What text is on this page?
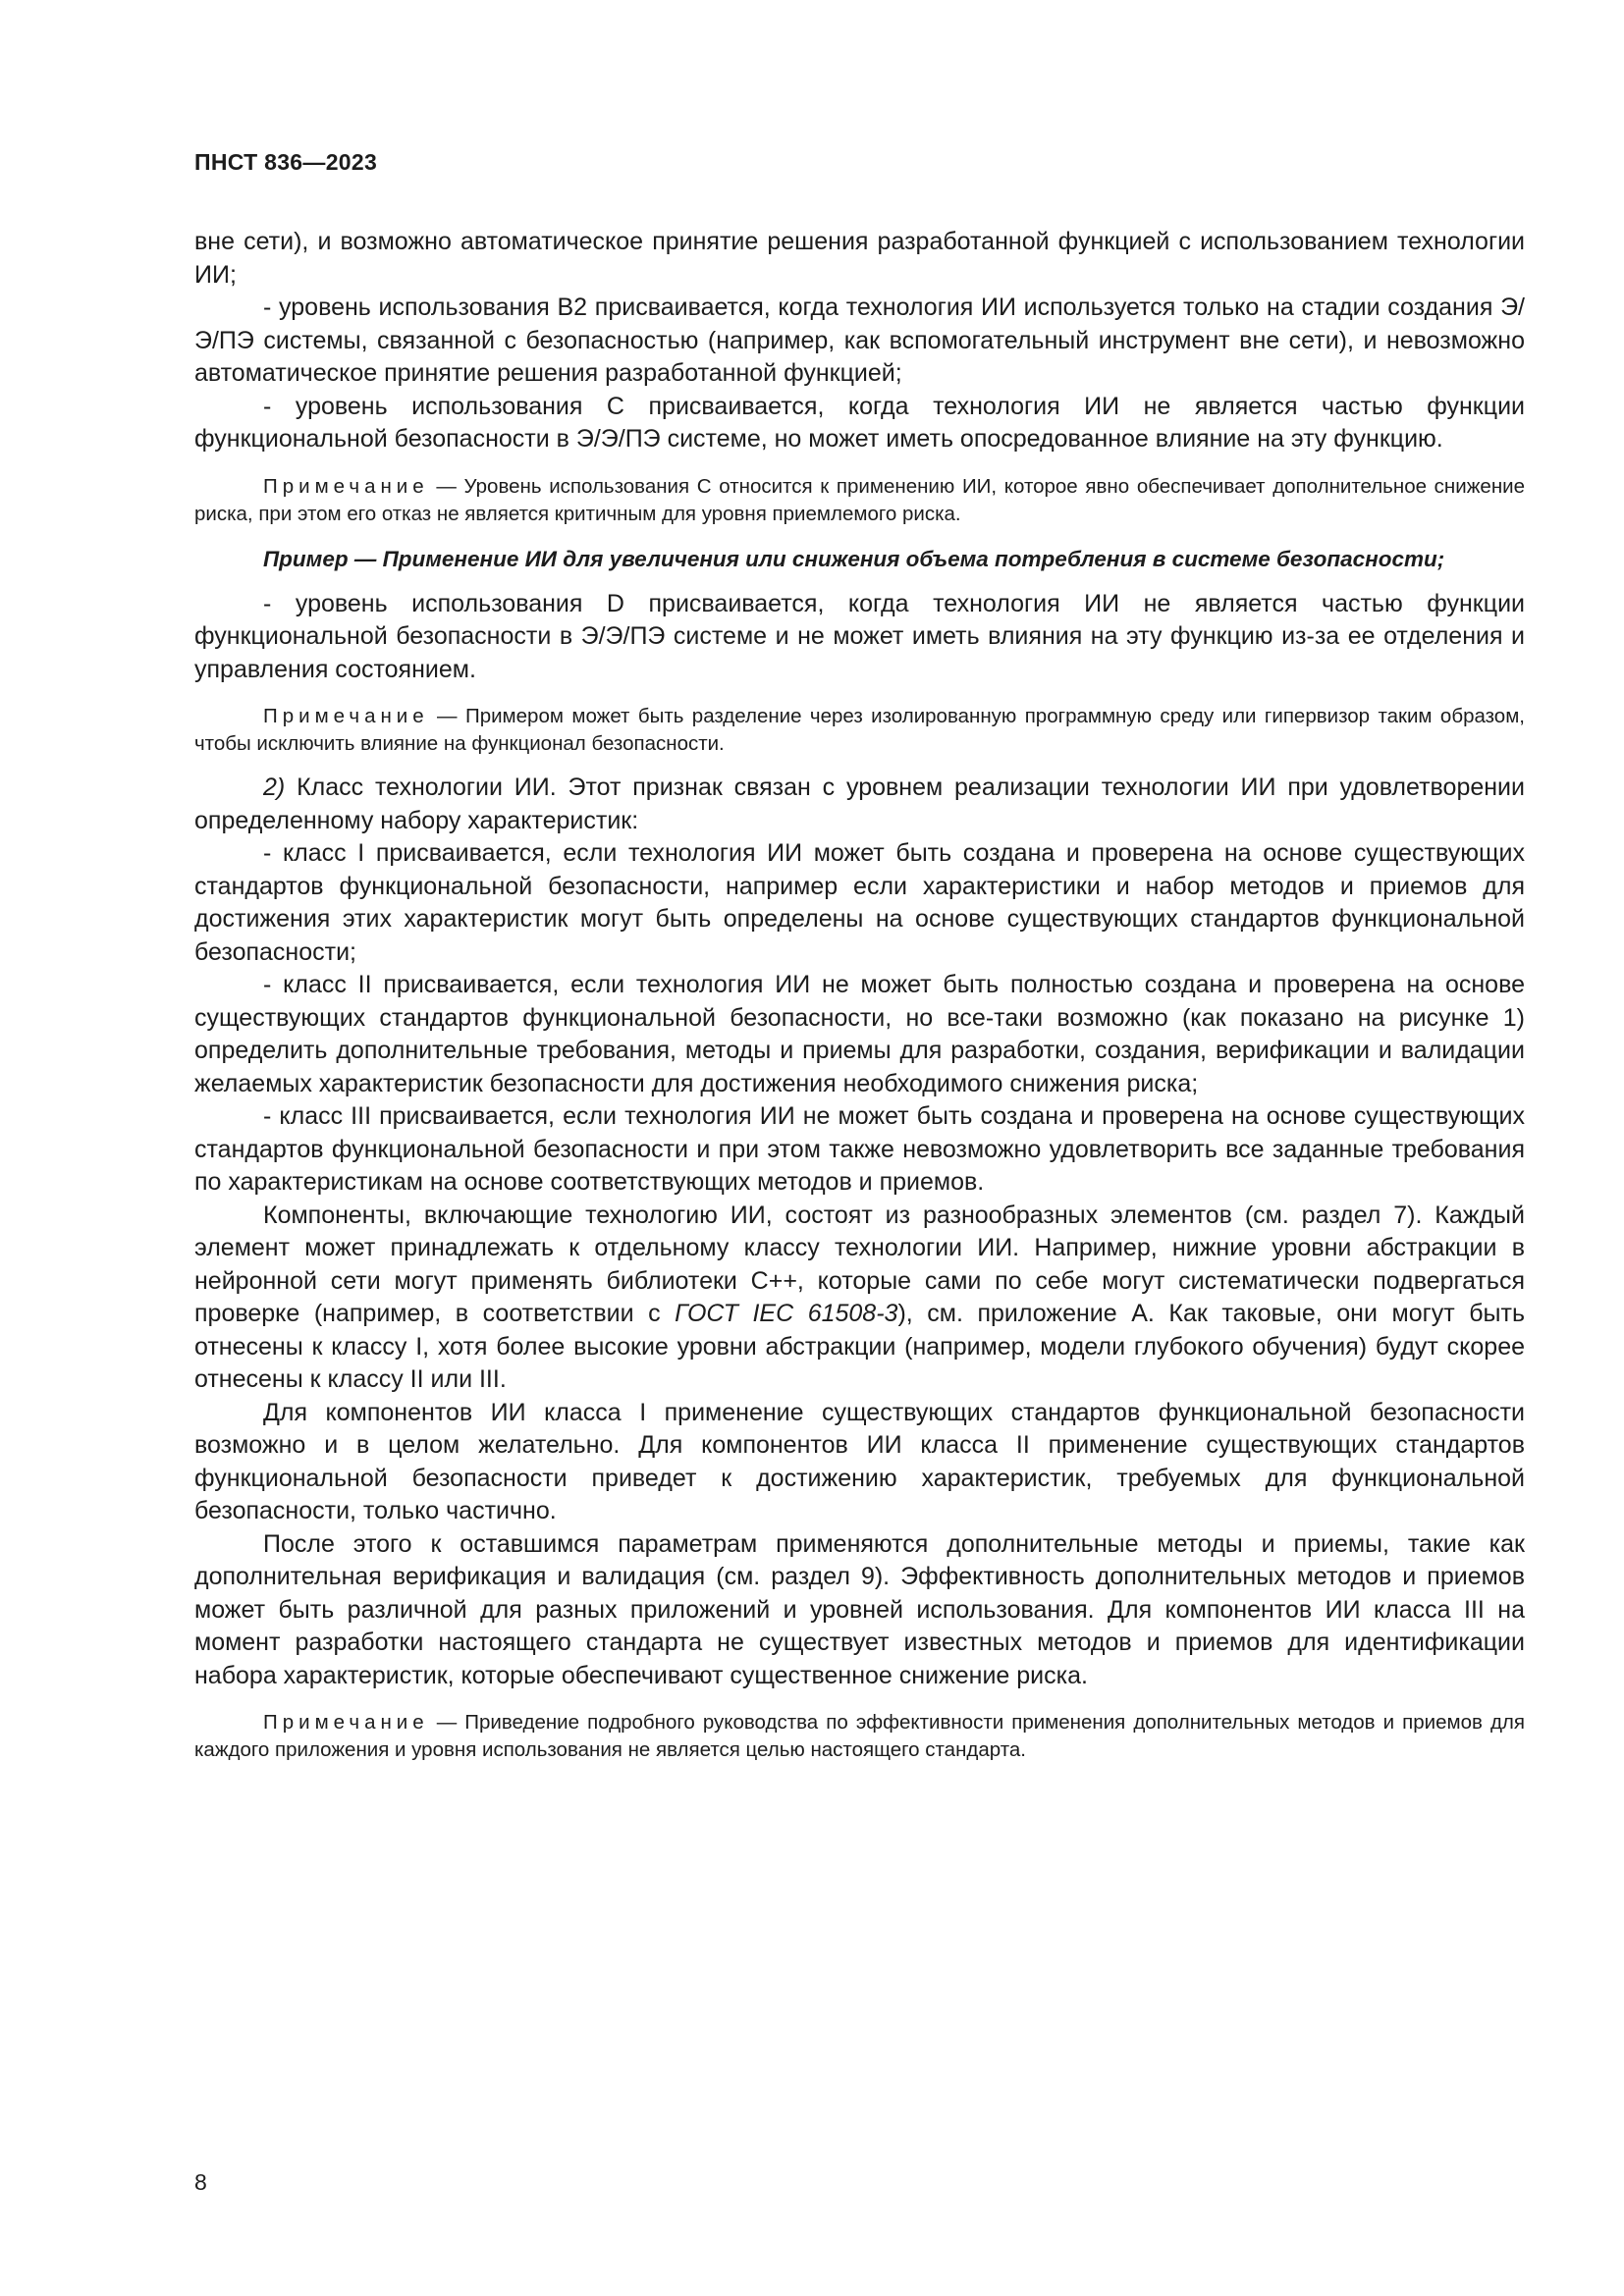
ПНСТ 836—2023

вне сети), и возможно автоматическое принятие решения разработанной функцией с использованием технологии ИИ;

- уровень использования В2 присваивается, когда технология ИИ используется только на стадии создания Э/Э/ПЭ системы, связанной с безопасностью (например, как вспомогательный инструмент вне сети), и невозможно автоматическое принятие решения разработанной функцией;

- уровень использования С присваивается, когда технология ИИ не является частью функции функциональной безопасности в Э/Э/ПЭ системе, но может иметь опосредованное влияние на эту функцию.

Примечание — Уровень использования С относится к применению ИИ, которое явно обеспечивает дополнительное снижение риска, при этом его отказ не является критичным для уровня приемлемого риска.

Пример — Применение ИИ для увеличения или снижения объема потребления в системе безопасности;

- уровень использования D присваивается, когда технология ИИ не является частью функции функциональной безопасности в Э/Э/ПЭ системе и не может иметь влияния на эту функцию из-за ее отделения и управления состоянием.

Примечание — Примером может быть разделение через изолированную программную среду или гипервизор таким образом, чтобы исключить влияние на функционал безопасности.

2) Класс технологии ИИ. Этот признак связан с уровнем реализации технологии ИИ при удовлетворении определенному набору характеристик:

- класс I присваивается, если технология ИИ может быть создана и проверена на основе существующих стандартов функциональной безопасности, например если характеристики и набор методов и приемов для достижения этих характеристик могут быть определены на основе существующих стандартов функциональной безопасности;

- класс II присваивается, если технология ИИ не может быть полностью создана и проверена на основе существующих стандартов функциональной безопасности, но все-таки возможно (как показано на рисунке 1) определить дополнительные требования, методы и приемы для разработки, создания, верификации и валидации желаемых характеристик безопасности для достижения необходимого снижения риска;

- класс III присваивается, если технология ИИ не может быть создана и проверена на основе существующих стандартов функциональной безопасности и при этом также невозможно удовлетворить все заданные требования по характеристикам на основе соответствующих методов и приемов.

Компоненты, включающие технологию ИИ, состоят из разнообразных элементов (см. раздел 7). Каждый элемент может принадлежать к отдельному классу технологии ИИ. Например, нижние уровни абстракции в нейронной сети могут применять библиотеки С++, которые сами по себе могут систематически подвергаться проверке (например, в соответствии с ГОСТ IEC 61508-3), см. приложение А. Как таковые, они могут быть отнесены к классу I, хотя более высокие уровни абстракции (например, модели глубокого обучения) будут скорее отнесены к классу II или III.

Для компонентов ИИ класса I применение существующих стандартов функциональной безопасности возможно и в целом желательно. Для компонентов ИИ класса II применение существующих стандартов функциональной безопасности приведет к достижению характеристик, требуемых для функциональной безопасности, только частично.

После этого к оставшимся параметрам применяются дополнительные методы и приемы, такие как дополнительная верификация и валидация (см. раздел 9). Эффективность дополнительных методов и приемов может быть различной для разных приложений и уровней использования. Для компонентов ИИ класса III на момент разработки настоящего стандарта не существует известных методов и приемов для идентификации набора характеристик, которые обеспечивают существенное снижение риска.

Примечание — Приведение подробного руководства по эффективности применения дополнительных методов и приемов для каждого приложения и уровня использования не является целью настоящего стандарта.

8
